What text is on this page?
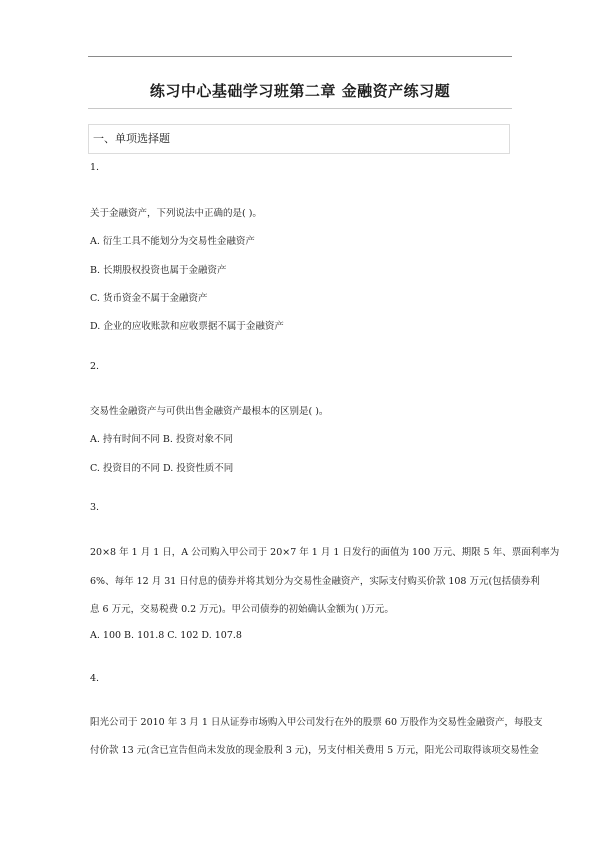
练习中心基础学习班第二章 金融资产练习题
一、单项选择题
1.
关于金融资产，下列说法中正确的是( )。
A. 衍生工具不能划分为交易性金融资产
B. 长期股权投资也属于金融资产
C. 货币资金不属于金融资产
D. 企业的应收账款和应收票据不属于金融资产
2.
交易性金融资产与可供出售金融资产最根本的区别是( )。
A. 持有时间不同 B. 投资对象不同
C. 投资目的不同 D. 投资性质不同
3.
20×8 年 1 月 1 日，A 公司购入甲公司于 20×7 年 1 月 1 日发行的面值为 100 万元、期限 5 年、票面利率为
6%、每年 12 月 31 日付息的债券并将其划分为交易性金融资产，实际支付购买价款 108 万元(包括债券利
息 6 万元，交易税费 0.2 万元)。甲公司债券的初始确认金额为( )万元。
A. 100 B. 101.8 C. 102 D. 107.8
4.
阳光公司于 2010 年 3 月 1 日从证券市场购入甲公司发行在外的股票 60 万股作为交易性金融资产，每股支
付价款 13 元(含已宣告但尚未发放的现金股利 3 元)，另支付相关费用 5 万元，阳光公司取得该项交易性金
